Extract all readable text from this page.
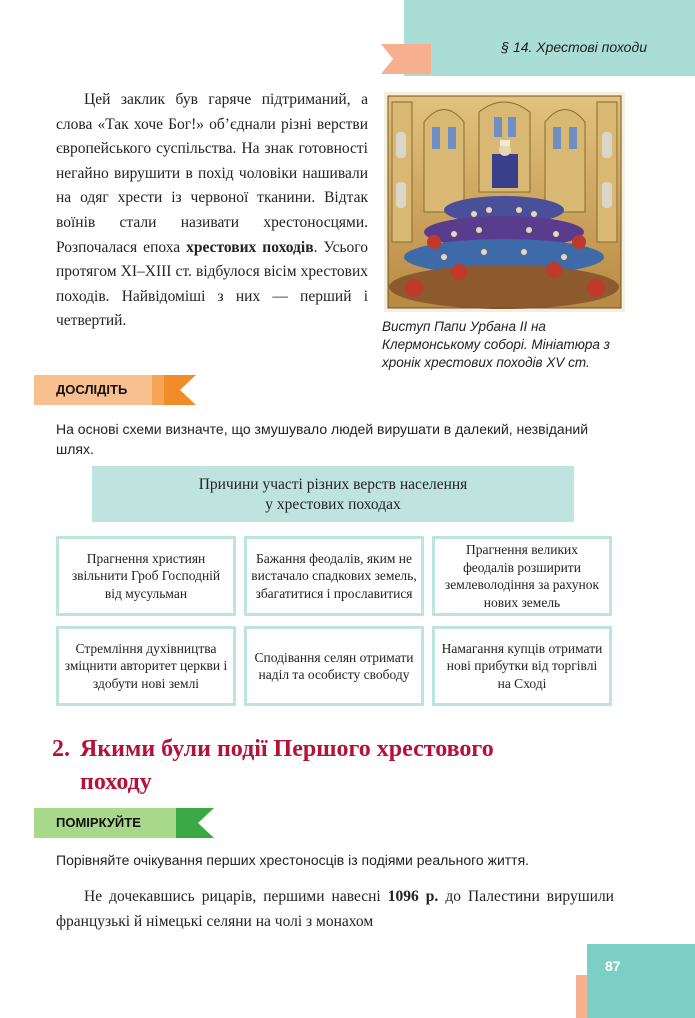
§ 14. Хрестові походи

Цей заклик був гаряче підтриманий, а слова «Так хоче Бог!» об’єднали різні верстви європейського суспільства. На знак готовності негайно вирушити в похід чоловіки нашивали на одяг хрести із червоної тканини. Відтак воїнів стали називати хрестоносцями. Розпочалася епоха хрестових походів. Усього протягом XI–XIII ст. відбулося вісім хрестових походів. Найвідоміші з них — перший і четвертий.	Виступ Папи Урбана II на Клермонському соборі. Мініатюра з хронік хрестових походів XV ст.

ДОСЛІДІТЬ

На основі схеми визначте, що змушувало людей вирушати в далекий, незвіданий шлях.

Причини участі різних верств населення
у хрестових походах
Прагнення християн звільнити Гроб Господній від мусульман
Бажання феодалів, яким не вистачало спадкових земель, збагатитися і прославитися
Прагнення великих феодалів розширити землеволодіння за рахунок нових земель
Стремління духівництва зміцнити авторитет церкви і здобути нові землі
Сподівання селян отримати наділ та особисту свободу
Намагання купців отримати нові прибутки від торгівлі на Сході
2. Якими були події Першого хрестового
походу
ПОМІРКУЙТЕ

Порівняйте очікування перших хрестоносців із подіями реального життя.

Не дочекавшись рицарів, першими навесні 1096 р. до Палестини вирушили французькі й німецькі селяни на чолі з монахом

87
